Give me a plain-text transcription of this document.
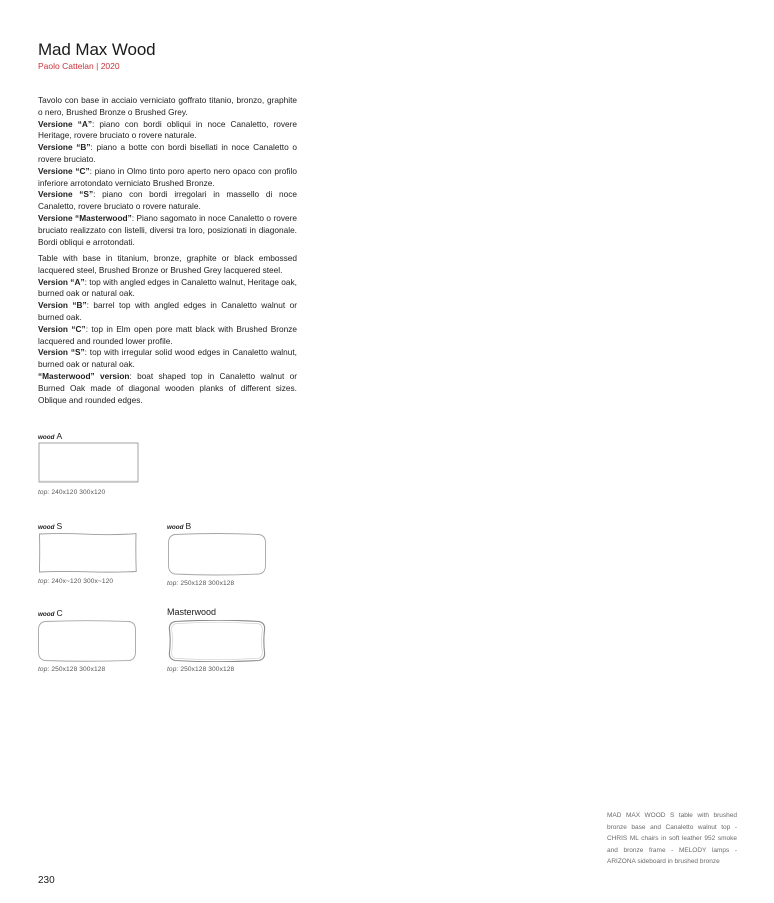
Mad Max Wood
Paolo Cattelan | 2020

Tavolo con base in acciaio verniciato goffrato titanio, bronzo, graphite o nero, Brushed Bronze o Brushed Grey.

Versione “A”: piano con bordi obliqui in noce Canaletto, rovere Heritage, rovere bruciato o rovere naturale.

Versione “B”: piano a botte con bordi bisellati in noce Canaletto o rovere bruciato.

Versione “C”: piano in Olmo tinto poro aperto nero opaco con profilo inferiore arrotondato verniciato Brushed Bronze.

Versione “S”: piano con bordi irregolari in massello di noce Canaletto, rovere bruciato o rovere naturale.

Versione “Masterwood”: Piano sagomato in noce Canaletto o rovere bruciato realizzato con listelli, diversi tra loro, posizionati in diagonale. Bordi obliqui e arrotondati.

Table with base in titanium, bronze, graphite or black embossed lacquered steel, Brushed Bronze or Brushed Grey lacquered steel.

Version “A”: top with angled edges in Canaletto walnut, Heritage oak, burned oak or natural oak.

Version “B”: barrel top with angled edges in Canaletto walnut or burned oak.

Version “C”: top in Elm open pore matt black with Brushed Bronze lacquered and rounded lower profile.

Version “S”: top with irregular solid wood edges in Canaletto walnut, burned oak or natural oak.

“Masterwood” version: boat shaped top in Canaletto walnut or Burned Oak made of diagonal wooden planks of different sizes. Oblique and rounded edges.

wood A
top: 240x120 300x120
wood S
top: 240x~120 300x~120
wood B
top: 250x128 300x128
wood C
top: 250x128 300x128
Masterwood
top: 250x128 300x128
MAD MAX WOOD S table with brushed bronze base and Canaletto walnut top - CHRIS ML chairs in soft leather 952 smoke and bronze frame - MELODY lamps - ARIZONA sideboard in brushed bronze
230
